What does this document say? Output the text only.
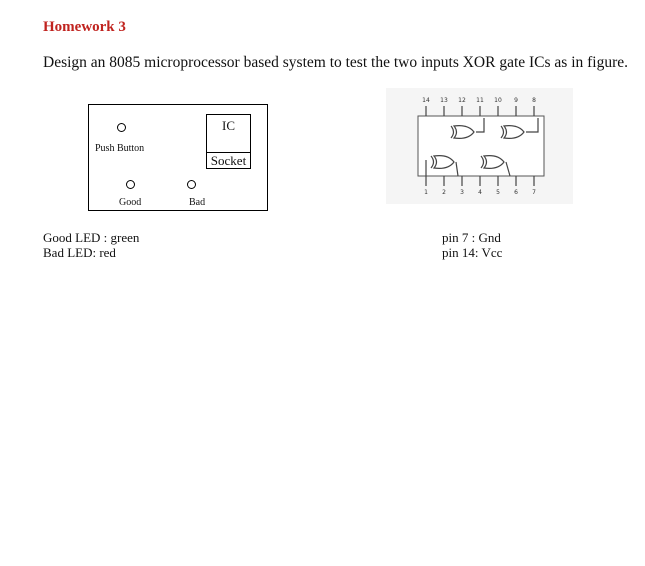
Homework 3
Design an 8085 microprocessor based system to test the two inputs XOR gate ICs as in figure.
Push Button
IC
Socket
Good	Bad
14 13 12 11 10 9 8
1 2 3 4 5 6 7
Good LED : green
Bad LED: red
pin 7 : Gnd
pin 14: Vcc
